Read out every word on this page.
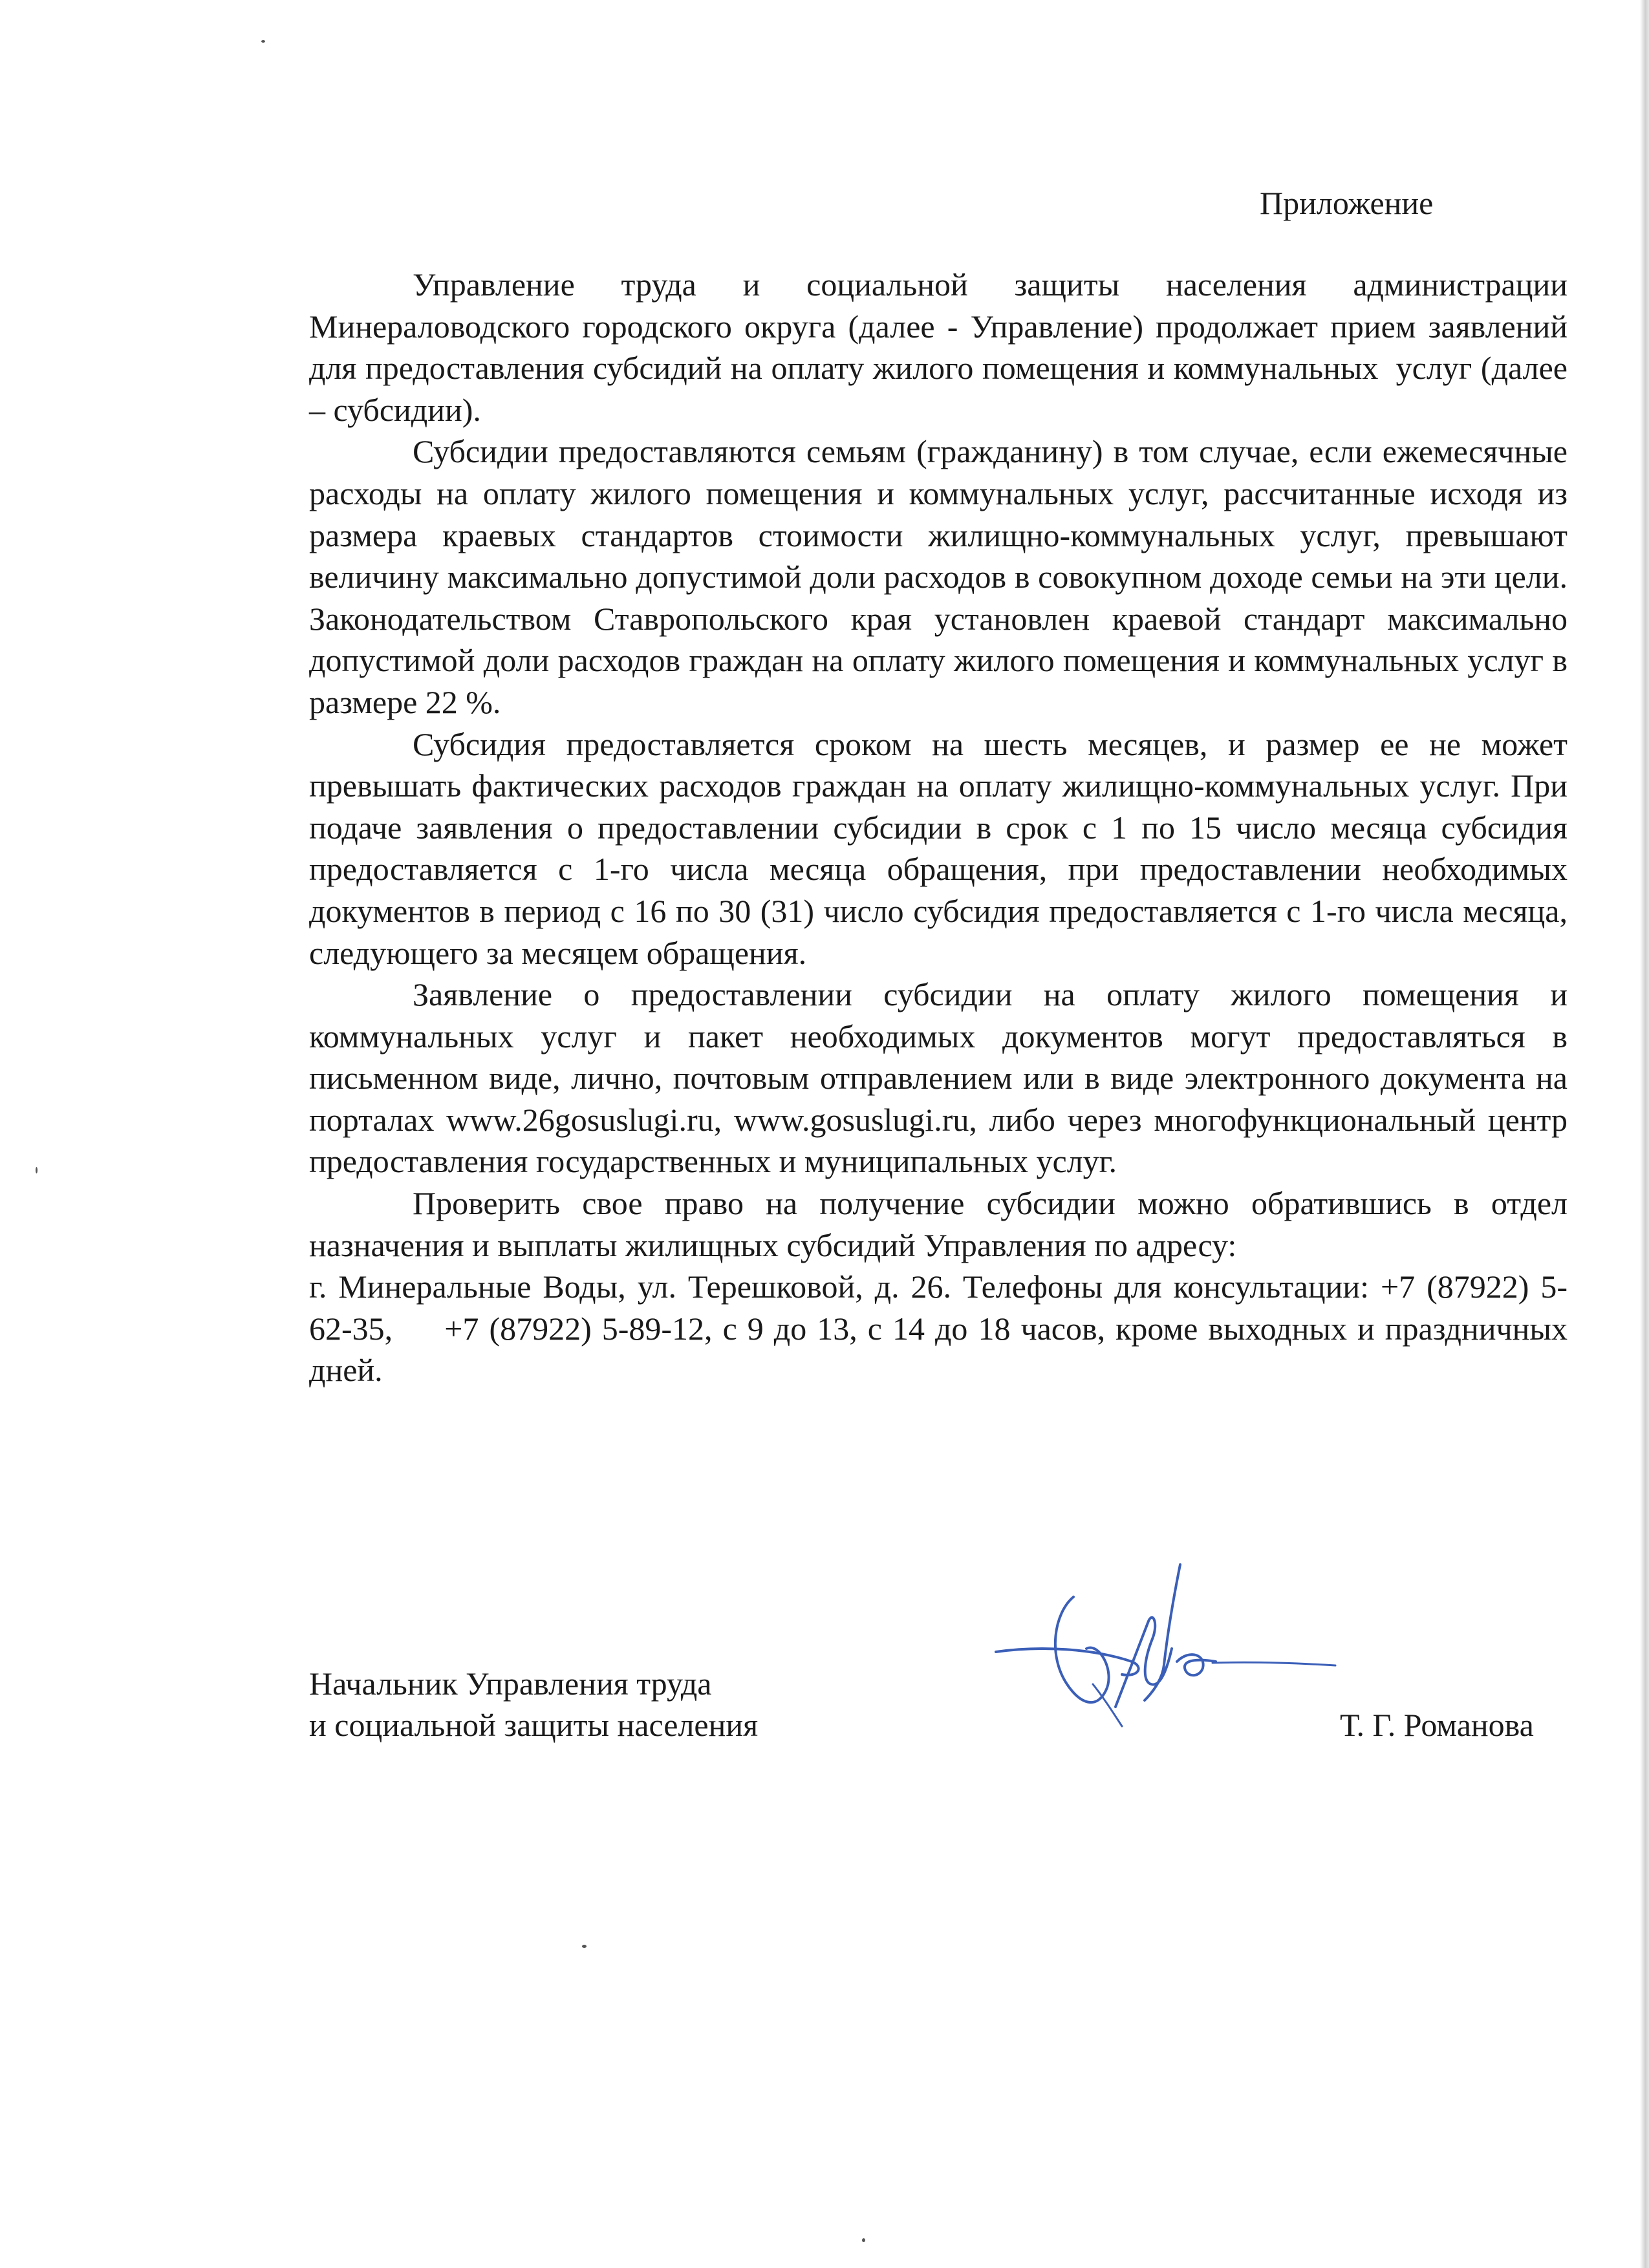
Приложение

Управление труда и социальной защиты населения администрации Минераловодского городского округа (далее - Управление) продолжает прием заявлений для предоставления субсидий на оплату жилого помещения и коммунальных  услуг (далее – субсидии).

Субсидии предоставляются семьям (гражданину) в том случае, если ежемесячные расходы на оплату жилого помещения и коммунальных услуг, рассчитанные исходя из размера краевых стандартов стоимости жилищно-коммунальных услуг, превышают величину максимально допустимой доли расходов в совокупном доходе семьи на эти цели. Законодательством Ставропольского края установлен краевой стандарт максимально допустимой доли расходов граждан на оплату жилого помещения и коммунальных услуг в размере 22 %.

Субсидия предоставляется сроком на шесть месяцев, и размер ее не может превышать фактических расходов граждан на оплату жилищно-коммунальных услуг. При подаче заявления о предоставлении субсидии в срок с 1 по 15 число месяца субсидия предоставляется с 1-го числа месяца обращения, при предоставлении необходимых документов в период с 16 по 30 (31) число субсидия предоставляется с 1-го числа месяца, следующего за месяцем обращения.

Заявление о предоставлении субсидии на оплату жилого помещения и коммунальных услуг и пакет необходимых документов могут предоставляться в письменном виде, лично, почтовым отправлением или в виде электронного документа на порталах www.26gosuslugi.ru, www.gosuslugi.ru, либо через многофункциональный центр предоставления государственных и муниципальных услуг.

Проверить свое право на получение субсидии можно обратившись в отдел назначения и выплаты жилищных субсидий Управления по адресу:

г. Минеральные Воды, ул. Терешковой, д. 26. Телефоны для консультации: +7 (87922) 5-62-35,     +7 (87922) 5-89-12, с 9 до 13, с 14 до 18 часов, кроме выходных и праздничных дней.

Начальник Управления труда
и социальной защиты населения	Т. Г. Романова
